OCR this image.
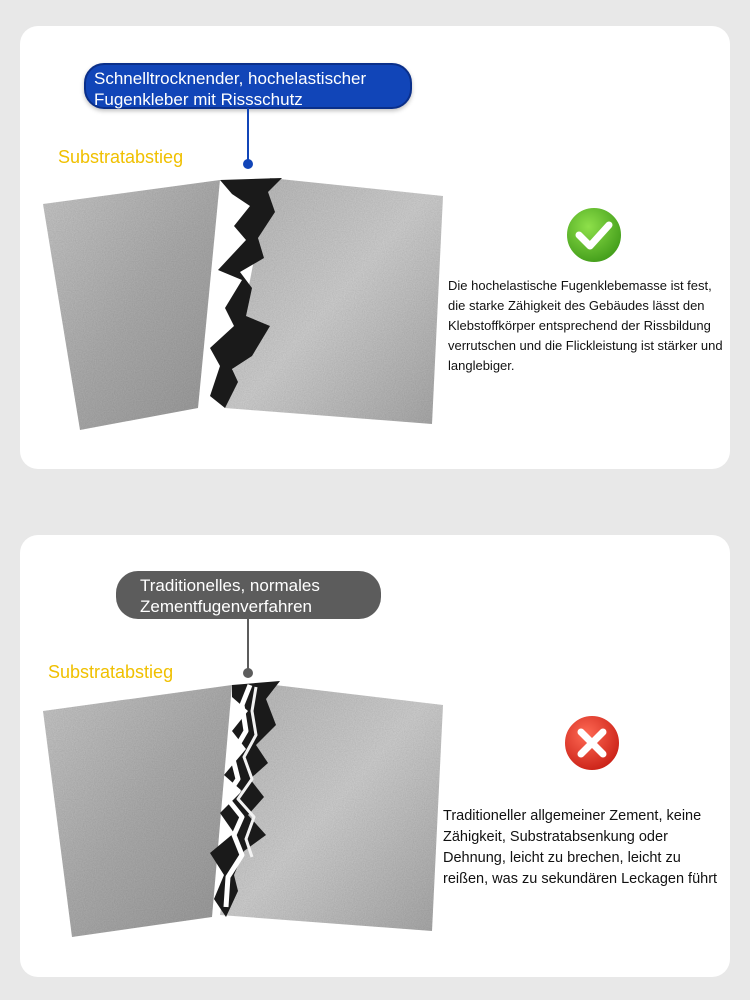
Schnelltrocknender, hochelastischer
Fugenkleber mit Rissschutz
Substratabstieg

Die hochelastische Fugenklebemasse ist fest, die starke Zähigkeit des Gebäudes lässt den Klebstoffkörper entsprechend der Rissbildung verrutschen und die Flickleistung ist stärker und langlebiger.

Traditionelles, normales
Zementfugenverfahren
Substratabstieg

Traditioneller allgemeiner Zement, keine Zähigkeit, Substratabsenkung oder Dehnung, leicht zu brechen, leicht zu reißen, was zu sekundären Leckagen führt
